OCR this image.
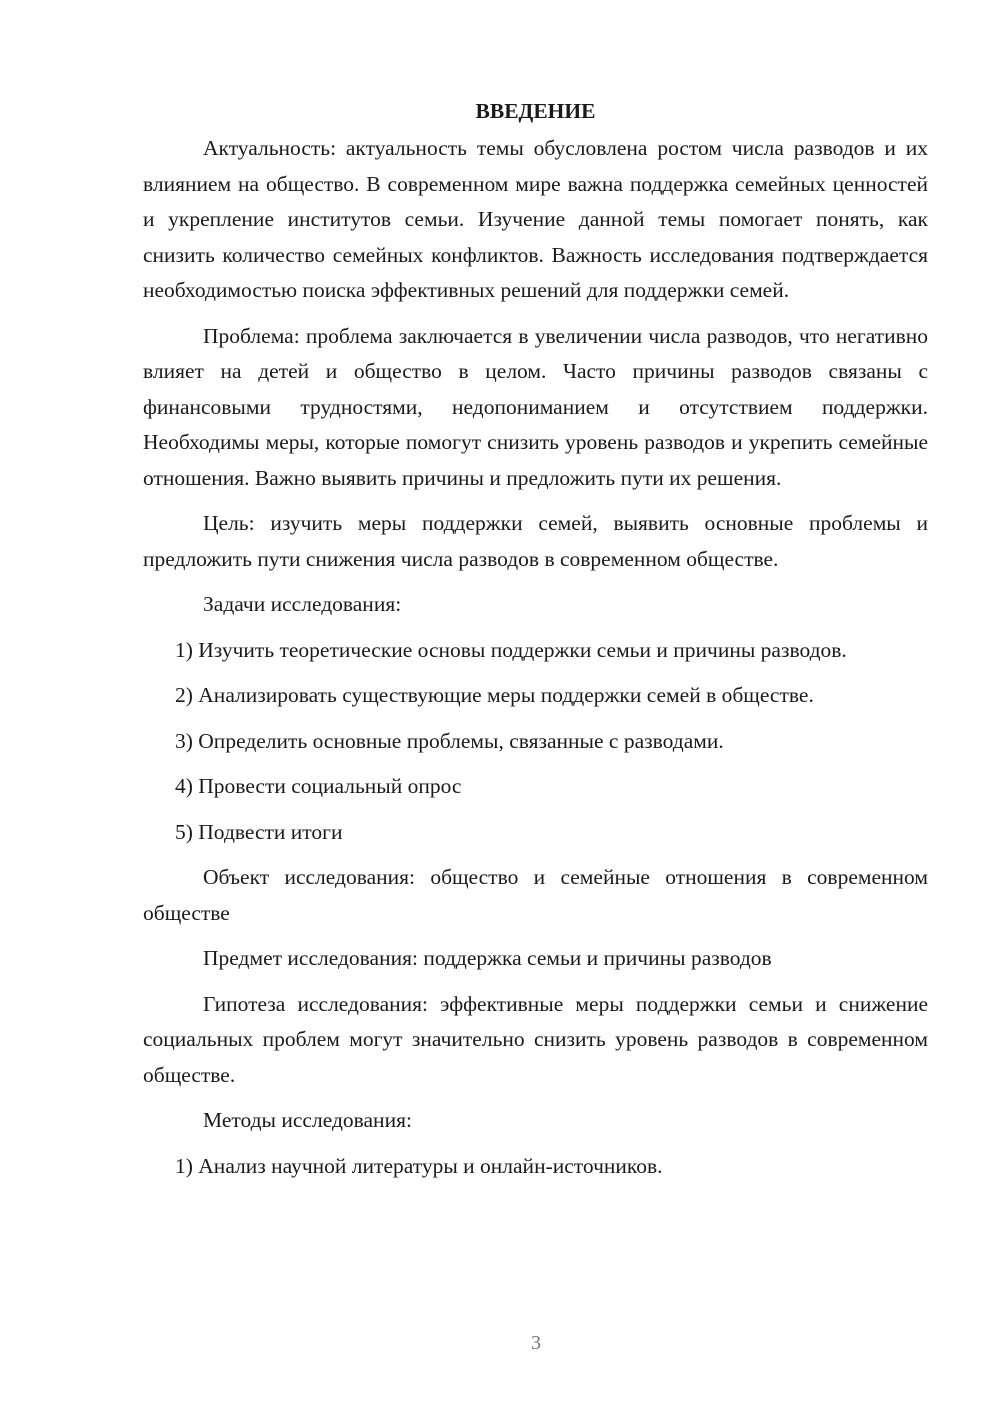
ВВЕДЕНИЕ

Актуальность: актуальность темы обусловлена ростом числа разводов и их влиянием на общество. В современном мире важна поддержка семейных ценностей и укрепление институтов семьи. Изучение данной темы помогает понять, как снизить количество семейных конфликтов. Важность исследования подтверждается необходимостью поиска эффективных решений для поддержки семей.

Проблема: проблема заключается в увеличении числа разводов, что негативно влияет на детей и общество в целом. Часто причины разводов связаны с финансовыми трудностями, недопониманием и отсутствием поддержки. Необходимы меры, которые помогут снизить уровень разводов и укрепить семейные отношения. Важно выявить причины и предложить пути их решения.

Цель: изучить меры поддержки семей, выявить основные проблемы и предложить пути снижения числа разводов в современном обществе.

Задачи исследования:

1) Изучить теоретические основы поддержки семьи и причины разводов.

2) Анализировать существующие меры поддержки семей в обществе.

3) Определить основные проблемы, связанные с разводами.

4) Провести социальный опрос

5) Подвести итоги

Объект исследования: общество и семейные отношения в современном обществе

Предмет исследования: поддержка семьи и причины разводов

Гипотеза исследования: эффективные меры поддержки семьи и снижение социальных проблем могут значительно снизить уровень разводов в современном обществе.

Методы исследования:

1) Анализ научной литературы и онлайн-источников.

3
